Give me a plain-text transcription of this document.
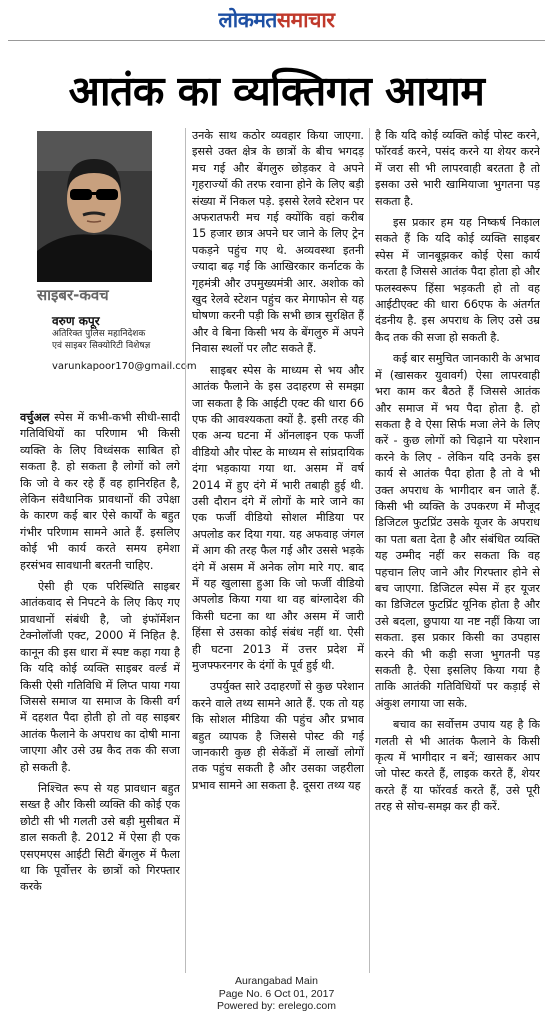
लोकमतसमाचार
आतंक का व्यक्तिगत आयाम
साइबर-कवच
वरुण कपूर
अतिरिक्त पुलिस महानिदेशक
एवं साइबर सिक्योरिटी विशेषज्ञ
varunkapoor170@gmail.com

वर्चुअल स्पेस में कभी-कभी सीधी-सादी गतिविधियों का परिणाम भी किसी व्यक्ति के लिए विध्वंसक साबित हो सकता है. हो सकता है लोगों को लगे कि जो वे कर रहे हैं वह हानिरहित है, लेकिन संवैधानिक प्रावधानों की उपेक्षा के कारण कई बार ऐसे कार्यों के बहुत गंभीर परिणाम सामने आते हैं. इसलिए कोई भी कार्य करते समय हमेशा हरसंभव सावधानी बरतनी चाहिए.

ऐसी ही एक परिस्थिति साइबर आतंकवाद से निपटने के लिए किए गए प्रावधानों संबंधी है, जो इंफॉर्मेशन टेक्नोलॉजी एक्ट, 2000 में निहित है. कानून की इस धारा में स्पष्ट कहा गया है कि यदि कोई व्यक्ति साइबर वर्ल्ड में किसी ऐसी गतिविधि में लिप्त पाया गया जिससे समाज या समाज के किसी वर्ग में दहशत पैदा होती हो तो वह साइबर आतंक फैलाने के अपराध का दोषी माना जाएगा और उसे उम्र कैद तक की सजा हो सकती है.

निश्चित रूप से यह प्रावधान बहुत सख्त है और किसी व्यक्ति की कोई एक छोटी सी भी गलती उसे बड़ी मुसीबत में डाल सकती है. 2012 में ऐसा ही एक एसएमएस आईटी सिटी बेंगलुरु में फैला था कि पूर्वोत्तर के छात्रों को गिरफ्तार करके

उनके साथ कठोर व्यवहार किया जाएगा. इससे उक्त क्षेत्र के छात्रों के बीच भगदड़ मच गई और बेंगलुरु छोड़कर वे अपने गृहराज्यों की तरफ रवाना होने के लिए बड़ी संख्या में निकल पड़े. इससे रेलवे स्टेशन पर अफरातफरी मच गई क्योंकि वहां करीब 15 हजार छात्र अपने घर जाने के लिए ट्रेन पकड़ने पहुंच गए थे. अव्यवस्था इतनी ज्यादा बढ़ गई कि आखिरकार कर्नाटक के गृहमंत्री और उपमुख्यमंत्री आर. अशोक को खुद रेलवे स्टेशन पहुंच कर मेगाफोन से यह घोषणा करनी पड़ी कि सभी छात्र सुरक्षित हैं और वे बिना किसी भय के बेंगलुरु में अपने निवास स्थलों पर लौट सकते हैं.

साइबर स्पेस के माध्यम से भय और आतंक फैलाने के इस उदाहरण से समझा जा सकता है कि आईटी एक्ट की धारा 66 एफ की आवश्यकता क्यों है. इसी तरह की एक अन्य घटना में ऑनलाइन एक फर्जी वीडियो और पोस्ट के माध्यम से सांप्रदायिक दंगा भड़काया गया था. असम में वर्ष 2014 में हुए दंगे में भारी तबाही हुई थी. उसी दौरान दंगे में लोगों के मारे जाने का एक फर्जी वीडियो सोशल मीडिया पर अपलोड कर दिया गया. यह अफवाह जंगल में आग की तरह फैल गई और उससे भड़के दंगे में असम में अनेक लोग मारे गए. बाद में यह खुलासा हुआ कि जो फर्जी वीडियो अपलोड किया गया था वह बांग्लादेश की किसी घटना का था और असम में जारी हिंसा से उसका कोई संबंध नहीं था. ऐसी ही घटना 2013 में उत्तर प्रदेश में मुजफ्फरनगर के दंगों के पूर्व हुई थी.

उपर्युक्त सारे उदाहरणों से कुछ परेशान करने वाले तथ्य सामने आते हैं. एक तो यह कि सोशल मीडिया की पहुंच और प्रभाव बहुत व्यापक है जिससे पोस्ट की गई जानकारी कुछ ही सेकेंडों में लाखों लोगों तक पहुंच सकती है और उसका जहरीला प्रभाव सामने आ सकता है. दूसरा तथ्य यह

है कि यदि कोई व्यक्ति कोई पोस्ट करने, फॉरवर्ड करने, पसंद करने या शेयर करने में जरा सी भी लापरवाही बरतता है तो इसका उसे भारी खामियाजा भुगतना पड़ सकता है.

इस प्रकार हम यह निष्कर्ष निकाल सकते हैं कि यदि कोई व्यक्ति साइबर स्पेस में जानबूझकर कोई ऐसा कार्य करता है जिससे आतंक पैदा होता हो और फलस्वरूप हिंसा भड़कती हो तो वह आईटीएक्ट की धारा 66एफ के अंतर्गत दंडनीय है. इस अपराध के लिए उसे उम्र कैद तक की सजा हो सकती है.

कई बार समुचित जानकारी के अभाव में (खासकर युवावर्ग) ऐसा लापरवाही भरा काम कर बैठते हैं जिससे आतंक और समाज में भय पैदा होता है. हो सकता है वे ऐसा सिर्फ मजा लेने के लिए करें - कुछ लोगों को चिढ़ाने या परेशान करने के लिए - लेकिन यदि उनके इस कार्य से आतंक पैदा होता है तो वे भी उक्त अपराध के भागीदार बन जाते हैं. किसी भी व्यक्ति के उपकरण में मौजूद डिजिटल फुटप्रिंट उसके यूजर के अपराध का पता बता देता है और संबंधित व्यक्ति यह उम्मीद नहीं कर सकता कि वह पहचान लिए जाने और गिरफ्तार होने से बच जाएगा. डिजिटल स्पेस में हर यूजर का डिजिटल फुटप्रिंट यूनिक होता है और उसे बदला, छुपाया या नष्ट नहीं किया जा सकता. इस प्रकार किसी का उपहास करने की भी कड़ी सजा भुगतनी पड़ सकती है. ऐसा इसलिए किया गया है ताकि आतंकी गतिविधियों पर कड़ाई से अंकुश लगाया जा सके.

बचाव का सर्वोत्तम उपाय यह है कि गलती से भी आतंक फैलाने के किसी कृत्य में भागीदार न बनें; खासकर आप जो पोस्ट करते हैं, लाइक करते हैं, शेयर करते हैं या फॉरवर्ड करते हैं, उसे पूरी तरह से सोच-समझ कर ही करें.

Aurangabad Main
Page No. 6 Oct 01, 2017
Powered by: erelego.com
